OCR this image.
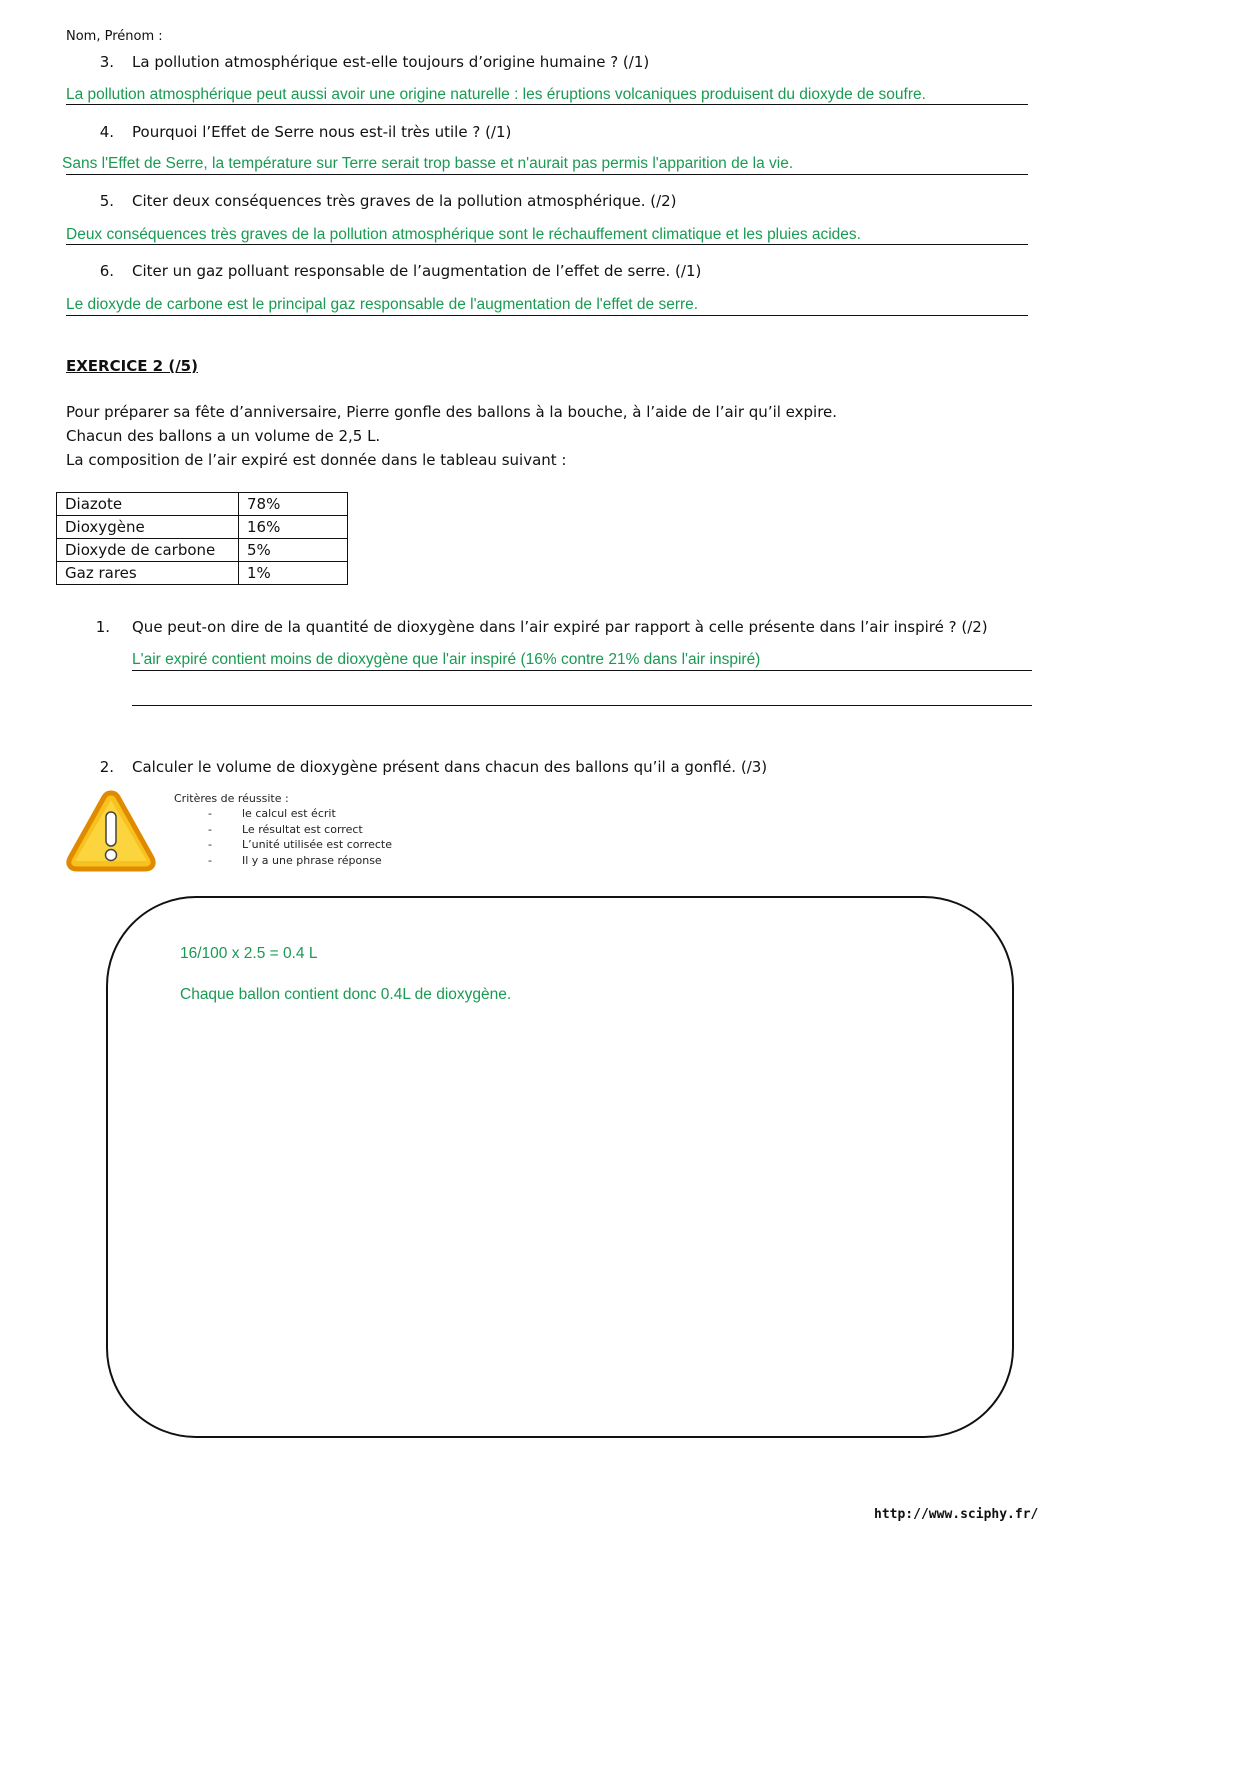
Nom, Prénom :
3. La pollution atmosphérique est-elle toujours d’origine humaine ? (/1)
La pollution atmosphérique peut aussi avoir une origine naturelle : les éruptions volcaniques produisent du dioxyde de soufre.
4. Pourquoi l’Effet de Serre nous est-il très utile ? (/1)
Sans l'Effet de Serre, la température sur Terre serait trop basse et n'aurait pas permis l'apparition de la vie.
5. Citer deux conséquences très graves de la pollution atmosphérique. (/2)
Deux conséquences très graves de la pollution atmosphérique sont le réchauffement climatique et les pluies acides.
6. Citer un gaz polluant responsable de l’augmentation de l’effet de serre. (/1)
Le dioxyde de carbone est le principal gaz responsable de l'augmentation de l'effet de serre.
EXERCICE 2 (/5)
Pour préparer sa fête d’anniversaire, Pierre gonfle des ballons à la bouche, à l’aide de l’air qu’il expire.
Chacun des ballons a un volume de 2,5 L.
La composition de l’air expiré est donnée dans le tableau suivant :
Diazote	78%
Dioxygène	16%
Dioxyde de carbone	5%
Gaz rares	1%
1. Que peut-on dire de la quantité de dioxygène dans l’air expiré par rapport à celle présente dans l’air inspiré ? (/2)
L'air expiré contient moins de dioxygène que l'air inspiré (16% contre 21% dans l'air inspiré)
2. Calculer le volume de dioxygène présent dans chacun des ballons qu’il a gonflé. (/3)
Critères de réussite :
-	le calcul est écrit
-	Le résultat est correct
-	L’unité utilisée est correcte
-	Il y a une phrase réponse
16/100 x 2.5 = 0.4 L
Chaque ballon contient donc 0.4L de dioxygène.
http://www.sciphy.fr/
